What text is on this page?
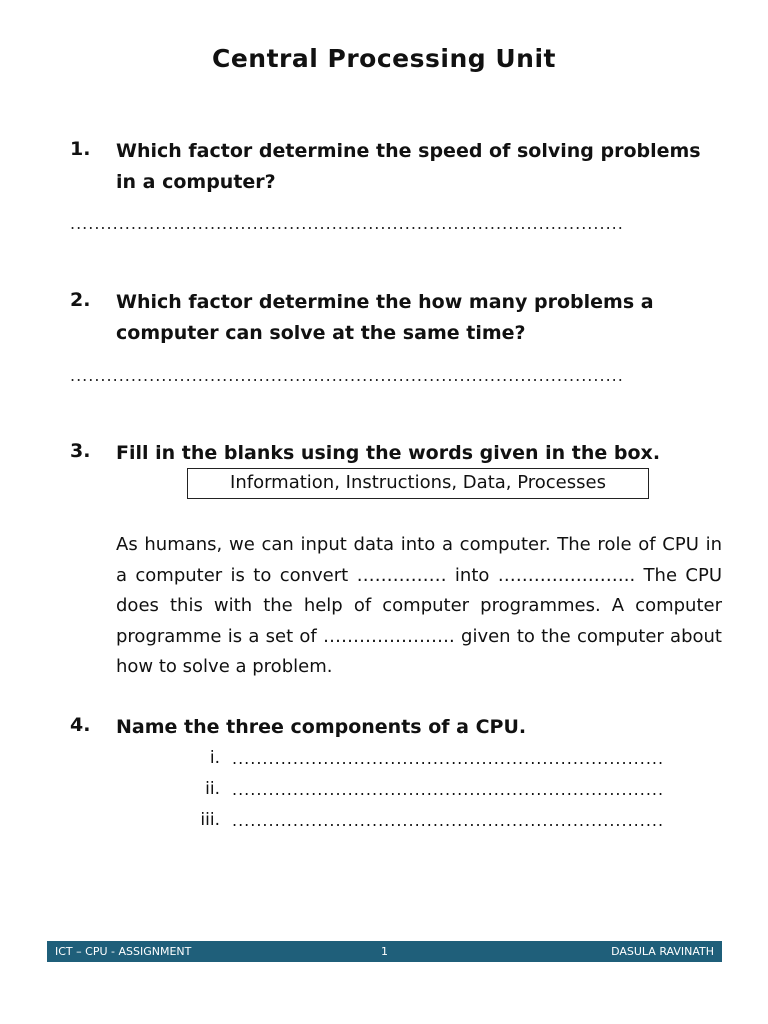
Central Processing Unit
1. Which factor determine the speed of solving problems in a computer?
...........................................................................................
2. Which factor determine the how many problems a computer can solve at the same time?
...........................................................................................
3. Fill in the blanks using the words given in the box.
Information, Instructions, Data, Processes
As humans, we can input data into a computer. The role of CPU in a computer is to convert …………… into ………………….. The CPU does this with the help of computer programmes. A computer programme is a set of …………………. given to the computer about how to solve a problem.
4. Name the three components of a CPU.
i. .......................................................................
ii. .......................................................................
iii. .......................................................................
1
ICT – CPU - ASSIGNMENT	DASULA RAVINATH
